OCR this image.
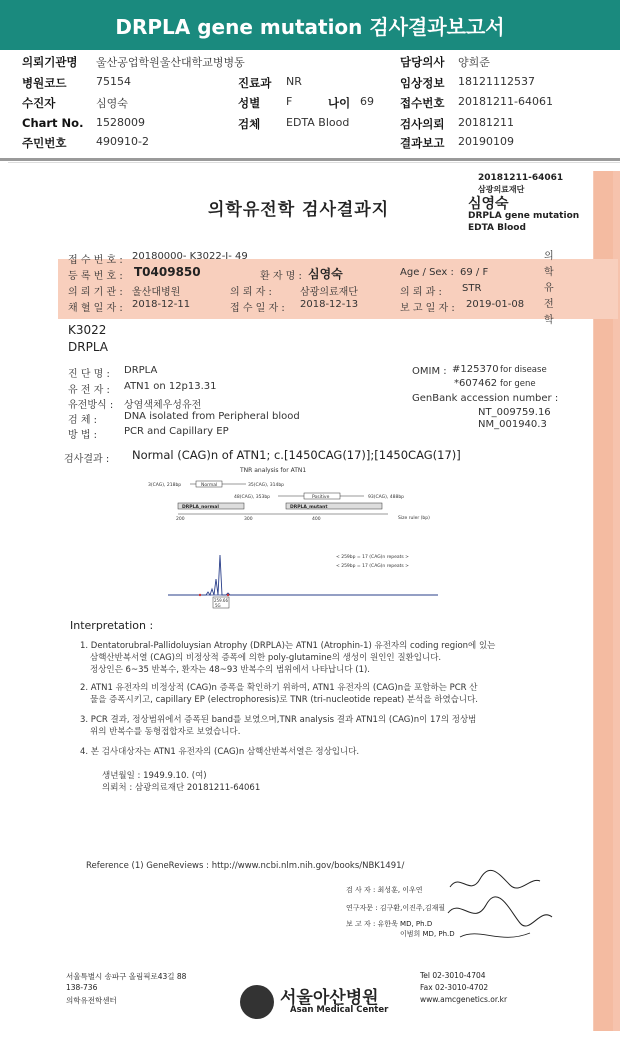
DRPLA gene mutation 검사결과보고서
의뢰기관명 울산공업학원울산대학교병병동	담당의사 양희준
병원코드	75154	진료과 NR	임상정보 18121112537
수진자	심영숙	성별 F	나이 69 접수번호 20181211-64061
Chart No. 1528009	검체 EDTA Blood	검사의뢰 20181211
주민번호	490910-2	결과보고 20190109
20181211-64061
삼광의료재단
심영숙
DRPLA gene mutation
EDTA Blood
의학유전학 검사결과지
의
학
유
전
학
접 수 번 호 : 20180000- K3022-I- 49
등 록 번 호 : T0409850	환 자 명 : 심영숙	Age / Sex : 69 / F
의 뢰 기 관 : 울산대병원	의 뢰 자 :	삼광의료재단	의 뢰 과 : STR
채 혈 일 자 : 2018-12-11	접 수 일 자 : 2018-12-13	보 고 일 자 : 2019-01-08
K3022
DRPLA
진 단 명 : DRPLA
유 전 자 : ATN1 on 12p13.31
유전방식 : 상염색체우성유전
검 체 :	DNA isolated from Peripheral blood
방 법 :	PCR and Capillary EP
OMIM : #125370 for disease
*607462 for gene
GenBank accession number :
NT_009759.16
NM_001940.3
검사결과 : Normal (CAG)n of ATN1; c.[1450CAG(17)];[1450CAG(17)]
TNR analysis for ATN1
3(CAG), 218bp	Normal	35(CAG), 314bp
48(CAG), 353bp	Positive	93(CAG), 488bp
DRPLA_normal	DRPLA_mutant
200	300	400	Size ruler (bp)
< 259bp = 17 (CAG)n repeats >
< 259bp = 17 (CAG)n repeats >
259.66
5G
Interpretation :
1. Dentatorubral-Pallidoluysian Atrophy (DRPLA)는 ATN1 (Atrophin-1) 유전자의 coding region에 있는
삼핵산반복서열 (CAG)의 비정상적 증폭에 의한 poly-glutamine의 생성이 원인인 질환입니다.
정상인은 6~35 반복수, 환자는 48~93 반복수의 범위에서 나타납니다 (1).
2. ATN1 유전자의 비정상적 (CAG)n 증폭을 확인하기 위하여, ATN1 유전자의 (CAG)n을 포함하는 PCR 산
물을 증폭시키고, capillary EP (electrophoresis)로 TNR (tri-nucleotide repeat) 분석을 하였습니다.
3. PCR 결과, 정상범위에서 증폭된 band를 보였으며,TNR analysis 결과 ATN1의 (CAG)n이 17의 정상범
위의 반복수를 동형접합자로 보였습니다.
4. 본 검사대상자는 ATN1 유전자의 (CAG)n 삼핵산반복서열은 정상입니다.
생년월일 : 1949.9.10. (여)
의뢰처 : 삼광의료재단 20181211-64061
Reference (1) GeneReviews : http://www.ncbi.nlm.nih.gov/books/NBK1491/
검 사 자 : 최성훈, 이우연
연구자문 : 김구환,이진주,김재필
보 고 자 : 유한욱 MD, Ph.D
이범희 MD, Ph.D
서울특별시 송파구 올림픽로43길 88
138-736
의학유전학센터	서울아산병원
Asan Medical Center
Tel 02-3010-4704
Fax 02-3010-4702
www.amcgenetics.or.kr
